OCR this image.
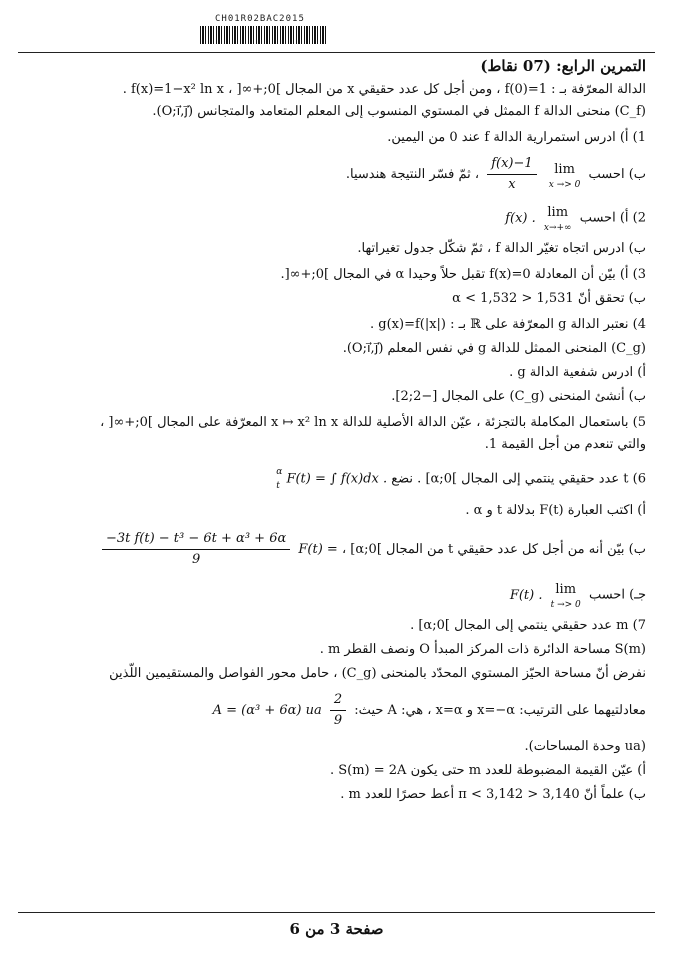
CH01R02BAC2015

التمرين الرابع: (07 نقاط)

الدالة المعرّفة بـ : f(0)=1 ، ومن أجل كل عدد حقيقي x من المجال ]0;+∞[ ، f(x)=1−x² ln x .

(C_f) منحنى الدالة f الممثل في المستوي المنسوب إلى المعلم المتعامد والمتجانس (O;i⃗,j⃗).

1) أ) ادرس استمرارية الدالة f عند 0 من اليمين.

ب) احسب
lim
x →> 0

$\frac{f(x)-1}{x}$
، ثمّ فسّر النتيجة هندسيا.

2) أ) احسب
lim
x→+∞
f(x) .

ب) ادرس اتجاه تغيّر الدالة f ، ثمّ شكّل جدول تغيراتها.

3) أ) بيّن أن المعادلة f(x)=0 تقبل حلاً وحيدا α في المجال ]0;+∞[.

ب) تحقق أنّ 1,531 < α < 1,532

4) نعتبر الدالة g المعرّفة على ℝ بـ : g(x)=f(|x|) .

(C_g) المنحنى الممثل للدالة g في نفس المعلم (O;i⃗,j⃗).

أ) ادرس شفعية الدالة g .

ب) أنشئ المنحنى (C_g) على المجال [−2;2].

5) باستعمال المكاملة بالتجزئة ، عيّن الدالة الأصلية للدالة x ↦ x² ln x المعرّفة على المجال ]0;+∞[ ،

والتي تنعدم من أجل القيمة 1.

6) t عدد حقيقي ينتمي إلى المجال ]0;α] . نضع
α
t F(t) = ∫ f(x)dx .

أ) اكتب العبارة F(t) بدلالة t و α .

ب) بيّن أنه من أجل كل عدد حقيقي t من المجال ]0;α] ، F(t) =
$\frac{\text{−3t f(t) − t³ − 6t + α³ + 6α}}{9}$

جـ) احسب
lim
t →> 0
F(t) .

7) m عدد حقيقي ينتمي إلى المجال ]0;α] .

S(m) مساحة الدائرة ذات المركز المبدأ O ونصف القطر m .

نفرض أنّ مساحة الحيّز المستوي المحدّد بالمنحنى (C_g) ، حامل محور الفواصل والمستقيمين اللّذين

معادلتيهما على الترتيب: x=−α و x=α ، هي: A حيث:
$\frac{2}{9}$
A = (α³ + 6α) ua

(ua وحدة المساحات).

أ) عيّن القيمة المضبوطة للعدد m حتى يكون S(m) = 2A .

ب) علماً أنّ 3,140 < π < 3,142 أعط حصرًا للعدد m .

صفحة 3 من 6
